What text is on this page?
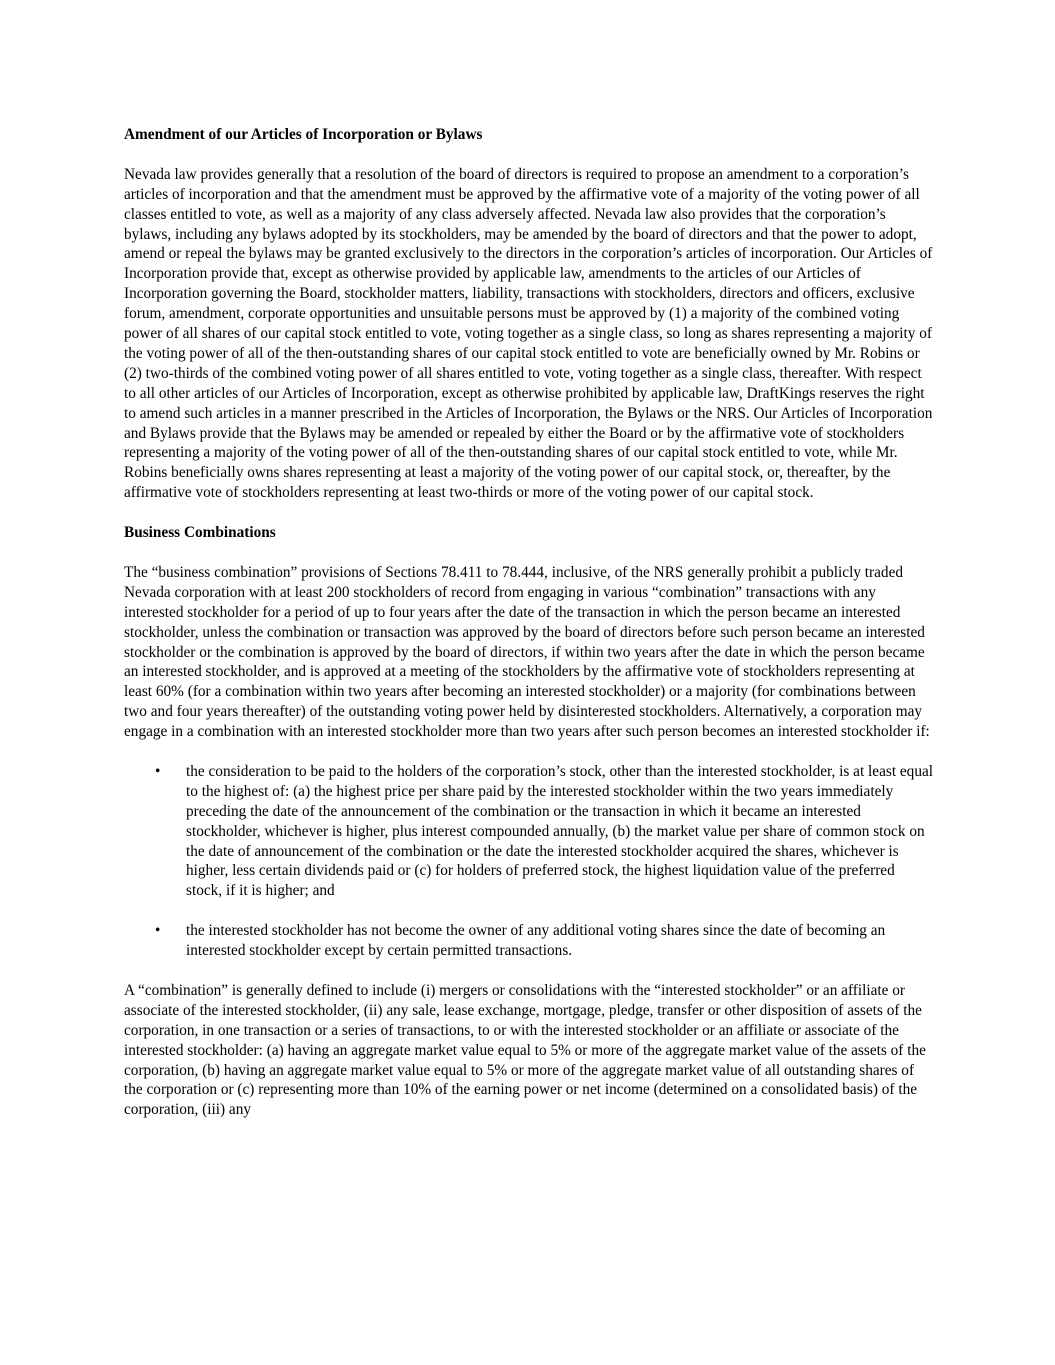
Amendment of our Articles of Incorporation or Bylaws

Nevada law provides generally that a resolution of the board of directors is required to propose an amendment to a corporation’s articles of incorporation and that the amendment must be approved by the affirmative vote of a majority of the voting power of all classes entitled to vote, as well as a majority of any class adversely affected. Nevada law also provides that the corporation’s bylaws, including any bylaws adopted by its stockholders, may be amended by the board of directors and that the power to adopt, amend or repeal the bylaws may be granted exclusively to the directors in the corporation’s articles of incorporation. Our Articles of Incorporation provide that, except as otherwise provided by applicable law, amendments to the articles of our Articles of Incorporation governing the Board, stockholder matters, liability, transactions with stockholders, directors and officers, exclusive forum, amendment, corporate opportunities and unsuitable persons must be approved by (1) a majority of the combined voting power of all shares of our capital stock entitled to vote, voting together as a single class, so long as shares representing a majority of the voting power of all of the then-outstanding shares of our capital stock entitled to vote are beneficially owned by Mr. Robins or (2) two-thirds of the combined voting power of all shares entitled to vote, voting together as a single class, thereafter. With respect to all other articles of our Articles of Incorporation, except as otherwise prohibited by applicable law, DraftKings reserves the right to amend such articles in a manner prescribed in the Articles of Incorporation, the Bylaws or the NRS. Our Articles of Incorporation and Bylaws provide that the Bylaws may be amended or repealed by either the Board or by the affirmative vote of stockholders representing a majority of the voting power of all of the then-outstanding shares of our capital stock entitled to vote, while Mr. Robins beneficially owns shares representing at least a majority of the voting power of our capital stock, or, thereafter, by the affirmative vote of stockholders representing at least two-thirds or more of the voting power of our capital stock.

Business Combinations

The “business combination” provisions of Sections 78.411 to 78.444, inclusive, of the NRS generally prohibit a publicly traded Nevada corporation with at least 200 stockholders of record from engaging in various “combination” transactions with any interested stockholder for a period of up to four years after the date of the transaction in which the person became an interested stockholder, unless the combination or transaction was approved by the board of directors before such person became an interested stockholder or the combination is approved by the board of directors, if within two years after the date in which the person became an interested stockholder, and is approved at a meeting of the stockholders by the affirmative vote of stockholders representing at least 60% (for a combination within two years after becoming an interested stockholder) or a majority (for combinations between two and four years thereafter) of the outstanding voting power held by disinterested stockholders. Alternatively, a corporation may engage in a combination with an interested stockholder more than two years after such person becomes an interested stockholder if:

• the consideration to be paid to the holders of the corporation’s stock, other than the interested stockholder, is at least equal to the highest of: (a) the highest price per share paid by the interested stockholder within the two years immediately preceding the date of the announcement of the combination or the transaction in which it became an interested stockholder, whichever is higher, plus interest compounded annually, (b) the market value per share of common stock on the date of announcement of the combination or the date the interested stockholder acquired the shares, whichever is higher, less certain dividends paid or (c) for holders of preferred stock, the highest liquidation value of the preferred stock, if it is higher; and
• the interested stockholder has not become the owner of any additional voting shares since the date of becoming an interested stockholder except by certain permitted transactions.

A “combination” is generally defined to include (i) mergers or consolidations with the “interested stockholder” or an affiliate or associate of the interested stockholder, (ii) any sale, lease exchange, mortgage, pledge, transfer or other disposition of assets of the corporation, in one transaction or a series of transactions, to or with the interested stockholder or an affiliate or associate of the interested stockholder: (a) having an aggregate market value equal to 5% or more of the aggregate market value of the assets of the corporation, (b) having an aggregate market value equal to 5% or more of the aggregate market value of all outstanding shares of the corporation or (c) representing more than 10% of the earning power or net income (determined on a consolidated basis) of the corporation, (iii) any
